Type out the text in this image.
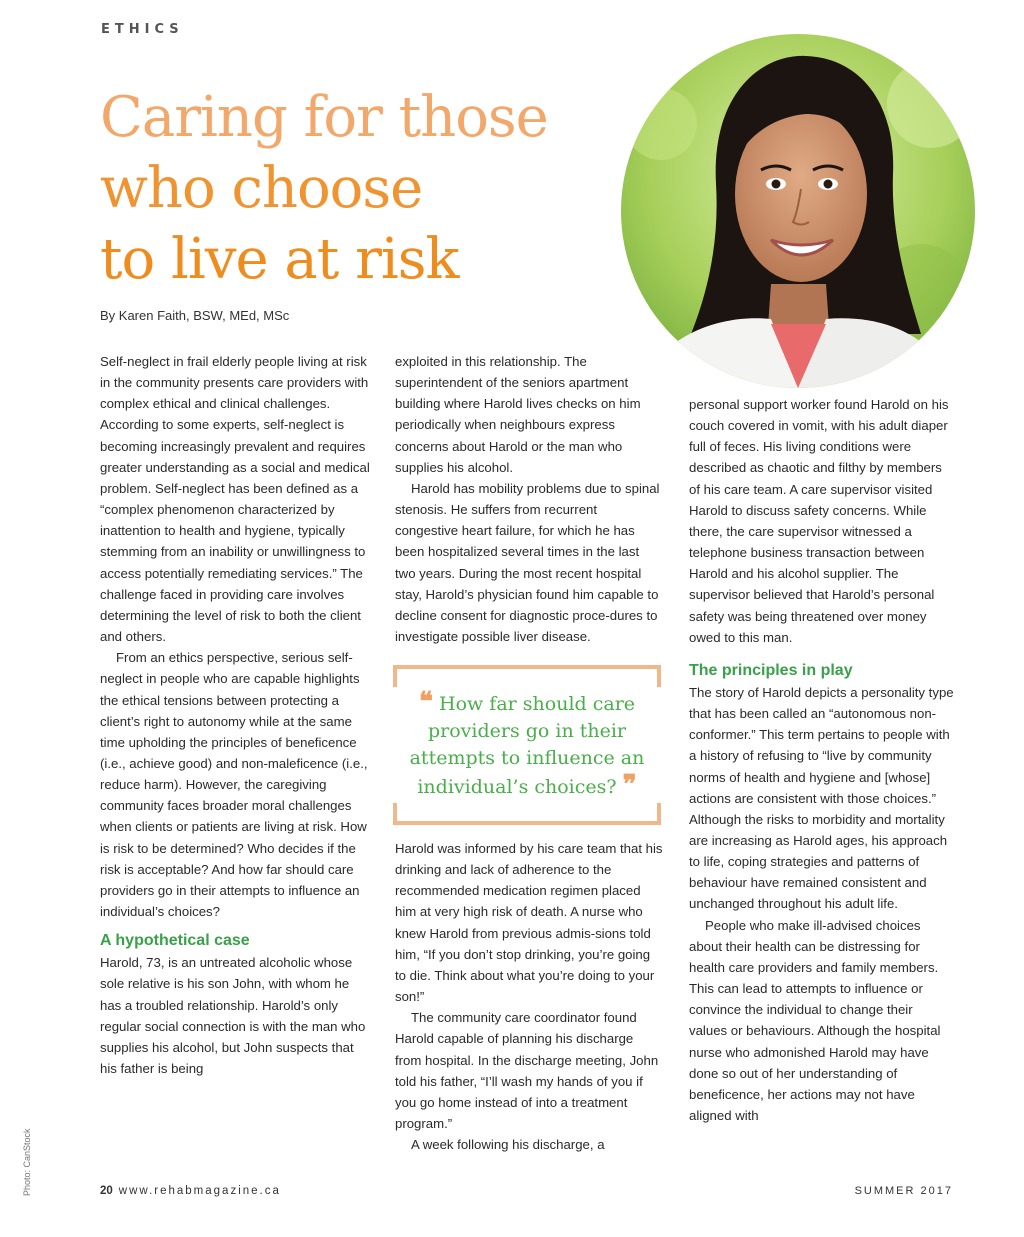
ETHICS
Caring for those
who choose
to live at risk
By Karen Faith, BSW, MEd, MSc

Self-neglect in frail elderly people living at risk in the community presents care providers with complex ethical and clinical challenges. According to some experts, self-neglect is becoming increasingly prevalent and requires greater understanding as a social and medical problem. Self-neglect has been defined as a “complex phenomenon characterized by inattention to health and hygiene, typically stemming from an inability or unwillingness to access potentially remediating services.” The challenge faced in providing care involves determining the level of risk to both the client and others.

From an ethics perspective, serious self-neglect in people who are capable highlights the ethical tensions between protecting a client’s right to autonomy while at the same time upholding the principles of beneficence (i.e., achieve good) and non-maleficence (i.e., reduce harm). However, the caregiving community faces broader moral challenges when clients or patients are living at risk. How is risk to be determined? Who decides if the risk is acceptable? And how far should care providers go in their attempts to influence an individual’s choices?

A hypothetical case

Harold, 73, is an untreated alcoholic whose sole relative is his son John, with whom he has a troubled relationship. Harold’s only regular social connection is with the man who supplies his alcohol, but John suspects that his father is being

exploited in this relationship. The superintendent of the seniors apartment building where Harold lives checks on him periodically when neighbours express concerns about Harold or the man who supplies his alcohol.

Harold has mobility problems due to spinal stenosis. He suffers from recurrent congestive heart failure, for which he has been hospitalized several times in the last two years. During the most recent hospital stay, Harold’s physician found him capable to decline consent for diagnostic proce-dures to investigate possible liver disease.

❝ How far should care providers go in their attempts to influence an individual’s choices? ❞

Harold was informed by his care team that his drinking and lack of adherence to the recommended medication regimen placed him at very high risk of death. A nurse who knew Harold from previous admis-sions told him, “If you don’t stop drinking, you’re going to die. Think about what you’re doing to your son!”

The community care coordinator found Harold capable of planning his discharge from hospital. In the discharge meeting, John told his father, “I’ll wash my hands of you if you go home instead of into a treatment program.”

A week following his discharge, a

personal support worker found Harold on his couch covered in vomit, with his adult diaper full of feces. His living conditions were described as chaotic and filthy by members of his care team. A care supervisor visited Harold to discuss safety concerns. While there, the care supervisor witnessed a telephone business transaction between Harold and his alcohol supplier. The supervisor believed that Harold’s personal safety was being threatened over money owed to this man.

The principles in play

The story of Harold depicts a personality type that has been called an “autonomous non-conformer.” This term pertains to people with a history of refusing to “live by community norms of health and hygiene and [whose] actions are consistent with those choices.” Although the risks to morbidity and mortality are increasing as Harold ages, his approach to life, coping strategies and patterns of behaviour have remained consistent and unchanged throughout his adult life.

People who make ill-advised choices about their health can be distressing for health care providers and family members. This can lead to attempts to influence or convince the individual to change their values or behaviours. Although the hospital nurse who admonished Harold may have done so out of her understanding of beneficence, her actions may not have aligned with

Photo: CanStock	20 www.rehabmagazine.ca	SUMMER 2017
